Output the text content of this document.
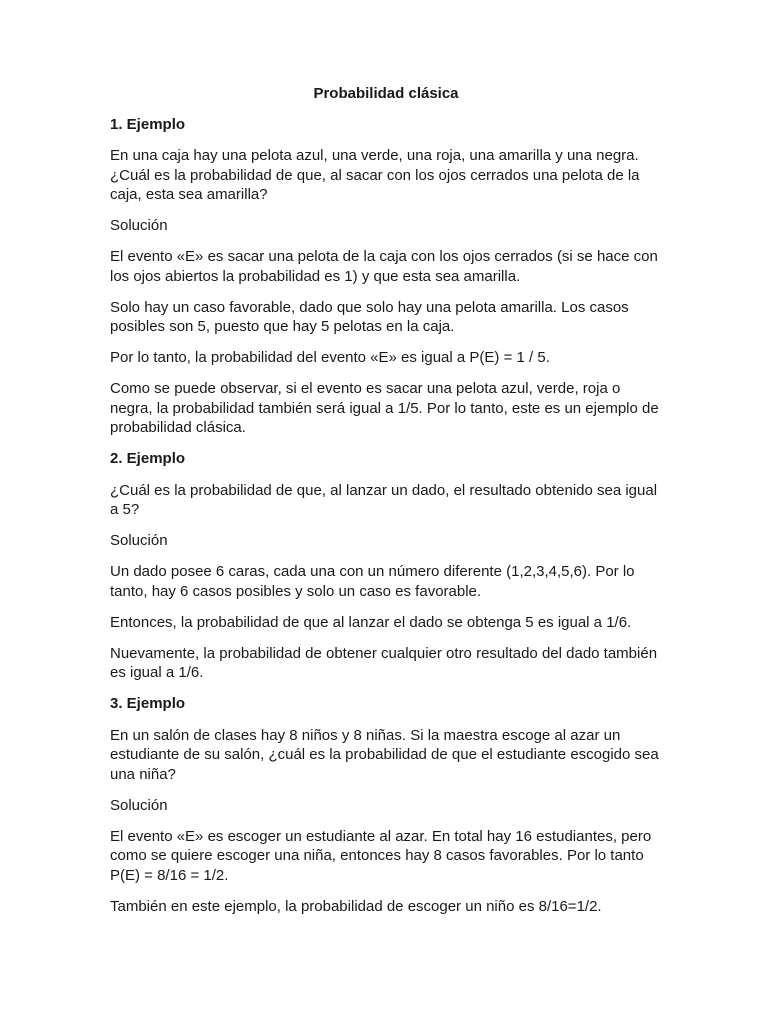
Probabilidad clásica
1. Ejemplo

En una caja hay una pelota azul, una verde, una roja, una amarilla y una negra. ¿Cuál es la probabilidad de que, al sacar con los ojos cerrados una pelota de la caja, esta sea amarilla?

Solución

El evento «E» es sacar una pelota de la caja con los ojos cerrados (si se hace con los ojos abiertos la probabilidad es 1) y que esta sea amarilla.

Solo hay un caso favorable, dado que solo hay una pelota amarilla. Los casos posibles son 5, puesto que hay 5 pelotas en la caja.

Por lo tanto, la probabilidad del evento «E» es igual a P(E) = 1 / 5.

Como se puede observar, si el evento es sacar una pelota azul, verde, roja o negra, la probabilidad también será igual a 1/5. Por lo tanto, este es un ejemplo de probabilidad clásica.

2. Ejemplo

¿Cuál es la probabilidad de que, al lanzar un dado, el resultado obtenido sea igual a 5?

Solución

Un dado posee 6 caras, cada una con un número diferente (1,2,3,4,5,6). Por lo tanto, hay 6 casos posibles y solo un caso es favorable.

Entonces, la probabilidad de que al lanzar el dado se obtenga 5 es igual a 1/6.

Nuevamente, la probabilidad de obtener cualquier otro resultado del dado también es igual a 1/6.

3. Ejemplo

En un salón de clases hay 8 niños y 8 niñas. Si la maestra escoge al azar un estudiante de su salón, ¿cuál es la probabilidad de que el estudiante escogido sea una niña?

Solución

El evento «E» es escoger un estudiante al azar. En total hay 16 estudiantes, pero como se quiere escoger una niña, entonces hay 8 casos favorables. Por lo tanto P(E) = 8/16 = 1/2.

También en este ejemplo, la probabilidad de escoger un niño es 8/16=1/2.
